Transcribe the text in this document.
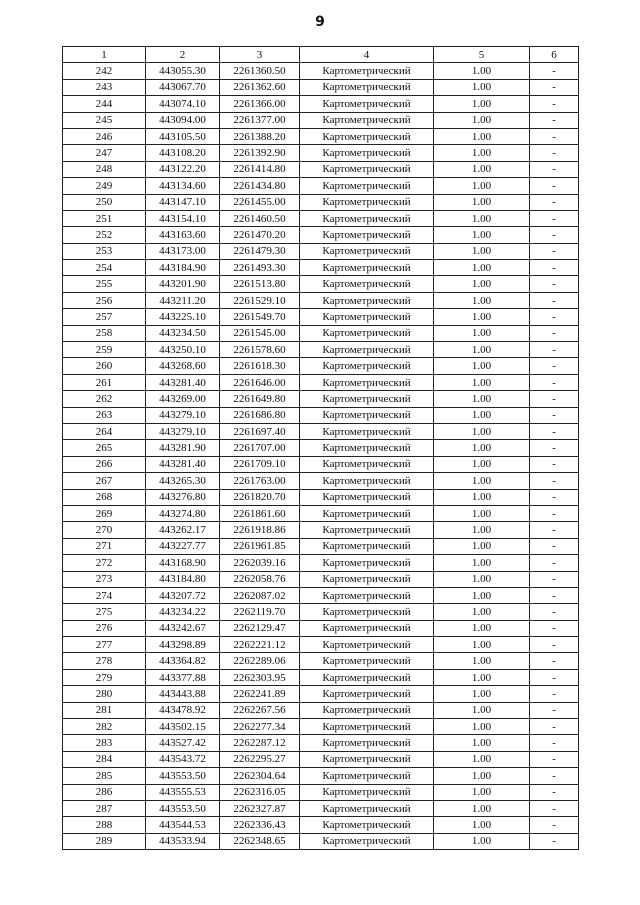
9
1	2	3	4	5	6
242	443055.30	2261360.50	Картометрический	1.00	-
243	443067.70	2261362.60	Картометрический	1.00	-
244	443074.10	2261366.00	Картометрический	1.00	-
245	443094.00	2261377.00	Картометрический	1.00	-
246	443105.50	2261388.20	Картометрический	1.00	-
247	443108.20	2261392.90	Картометрический	1.00	-
248	443122.20	2261414.80	Картометрический	1.00	-
249	443134.60	2261434.80	Картометрический	1.00	-
250	443147.10	2261455.00	Картометрический	1.00	-
251	443154.10	2261460.50	Картометрический	1.00	-
252	443163.60	2261470.20	Картометрический	1.00	-
253	443173.00	2261479.30	Картометрический	1.00	-
254	443184.90	2261493.30	Картометрический	1.00	-
255	443201.90	2261513.80	Картометрический	1.00	-
256	443211.20	2261529.10	Картометрический	1.00	-
257	443225.10	2261549.70	Картометрический	1.00	-
258	443234.50	2261545.00	Картометрический	1.00	-
259	443250.10	2261578.60	Картометрический	1.00	-
260	443268.60	2261618.30	Картометрический	1.00	-
261	443281.40	2261646.00	Картометрический	1.00	-
262	443269.00	2261649.80	Картометрический	1.00	-
263	443279.10	2261686.80	Картометрический	1.00	-
264	443279.10	2261697.40	Картометрический	1.00	-
265	443281.90	2261707.00	Картометрический	1.00	-
266	443281.40	2261709.10	Картометрический	1.00	-
267	443265.30	2261763.00	Картометрический	1.00	-
268	443276.80	2261820.70	Картометрический	1.00	-
269	443274.80	2261861.60	Картометрический	1.00	-
270	443262.17	2261918.86	Картометрический	1.00	-
271	443227.77	2261961.85	Картометрический	1.00	-
272	443168.90	2262039.16	Картометрический	1.00	-
273	443184.80	2262058.76	Картометрический	1.00	-
274	443207.72	2262087.02	Картометрический	1.00	-
275	443234.22	2262119.70	Картометрический	1.00	-
276	443242.67	2262129.47	Картометрический	1.00	-
277	443298.89	2262221.12	Картометрический	1.00	-
278	443364.82	2262289.06	Картометрический	1.00	-
279	443377.88	2262303.95	Картометрический	1.00	-
280	443443.88	2262241.89	Картометрический	1.00	-
281	443478.92	2262267.56	Картометрический	1.00	-
282	443502.15	2262277.34	Картометрический	1.00	-
283	443527.42	2262287.12	Картометрический	1.00	-
284	443543.72	2262295.27	Картометрический	1.00	-
285	443553.50	2262304.64	Картометрический	1.00	-
286	443555.53	2262316.05	Картометрический	1.00	-
287	443553.50	2262327.87	Картометрический	1.00	-
288	443544.53	2262336.43	Картометрический	1.00	-
289	443533.94	2262348.65	Картометрический	1.00	-
